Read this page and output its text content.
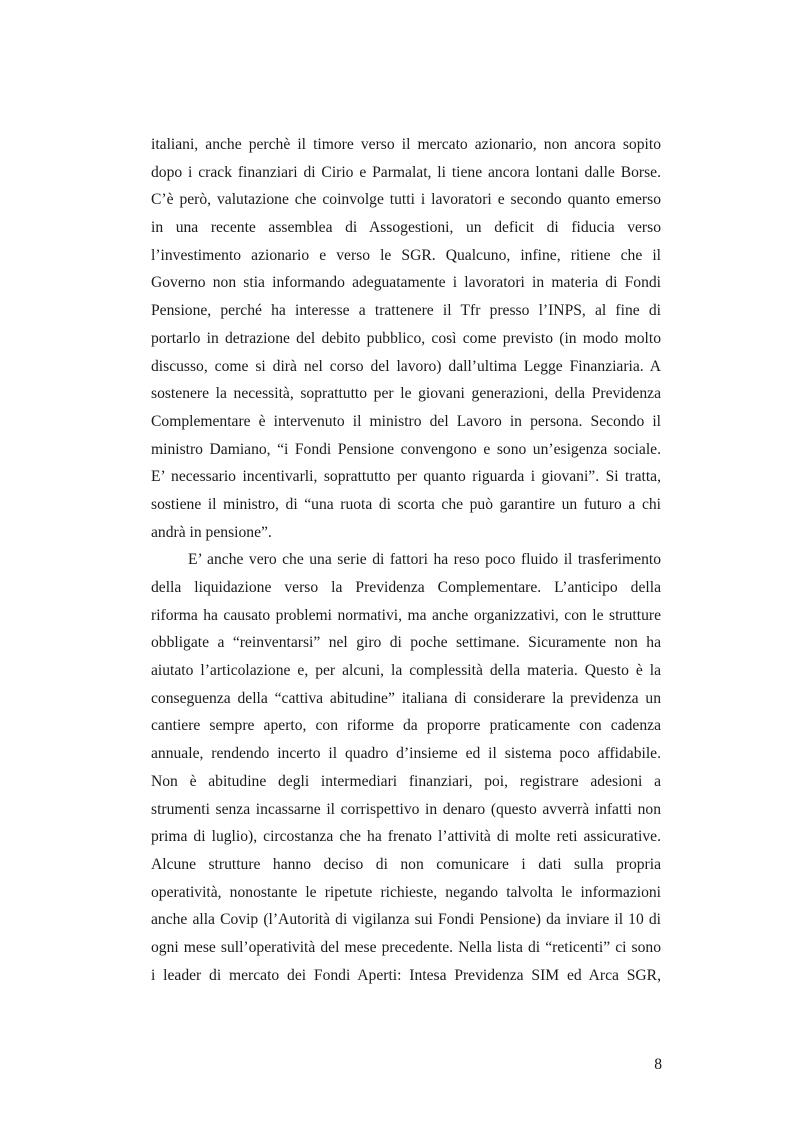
italiani, anche perchè il timore verso il mercato azionario, non ancora sopito
dopo i crack finanziari di Cirio e Parmalat, li tiene ancora lontani dalle Borse.
C’è però, valutazione che coinvolge tutti i lavoratori e secondo quanto emerso
in una recente assemblea di Assogestioni, un deficit di fiducia verso
l’investimento azionario e verso le SGR. Qualcuno, infine, ritiene che il
Governo non stia informando adeguatamente i lavoratori in materia di Fondi
Pensione, perché ha interesse a trattenere il Tfr presso l’INPS, al fine di
portarlo in detrazione del debito pubblico, così come previsto (in modo molto
discusso, come si dirà nel corso del lavoro) dall’ultima Legge Finanziaria. A
sostenere la necessità, soprattutto per le giovani generazioni, della Previdenza
Complementare è intervenuto il ministro del Lavoro in persona. Secondo il
ministro Damiano, “i Fondi Pensione convengono e sono un’esigenza sociale.
E’ necessario incentivarli, soprattutto per quanto riguarda i giovani”. Si tratta,
sostiene il ministro, di “una ruota di scorta che può garantire un futuro a chi
andrà in pensione”.
E’ anche vero che una serie di fattori ha reso poco fluido il trasferimento
della liquidazione verso la Previdenza Complementare. L’anticipo della
riforma ha causato problemi normativi, ma anche organizzativi, con le strutture
obbligate a “reinventarsi” nel giro di poche settimane. Sicuramente non ha
aiutato l’articolazione e, per alcuni, la complessità della materia. Questo è la
conseguenza della “cattiva abitudine” italiana di considerare la previdenza un
cantiere sempre aperto, con riforme da proporre praticamente con cadenza
annuale, rendendo incerto il quadro d’insieme ed il sistema poco affidabile.
Non è abitudine degli intermediari finanziari, poi, registrare adesioni a
strumenti senza incassarne il corrispettivo in denaro (questo avverrà infatti non
prima di luglio), circostanza che ha frenato l’attività di molte reti assicurative.
Alcune strutture hanno deciso di non comunicare i dati sulla propria
operatività, nonostante le ripetute richieste, negando talvolta le informazioni
anche alla Covip (l’Autorità di vigilanza sui Fondi Pensione) da inviare il 10 di
ogni mese sull’operatività del mese precedente. Nella lista di “reticenti” ci sono
i leader di mercato dei Fondi Aperti: Intesa Previdenza SIM ed Arca SGR,
8
